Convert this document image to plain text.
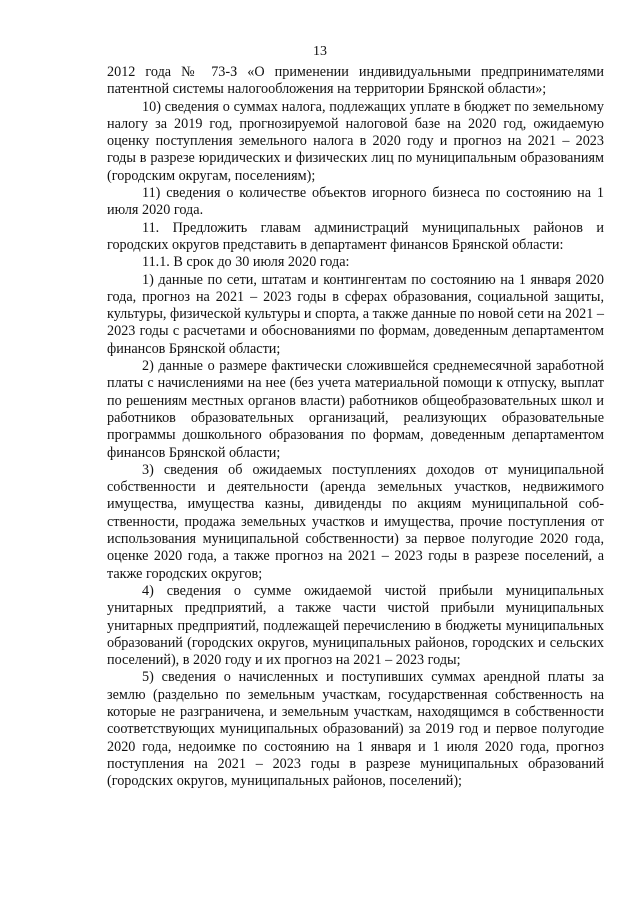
13

2012 года № 73-З «О применении индивидуальными предпринимателями патентной системы налогообложения на территории Брянской области»;

10) сведения о суммах налога, подлежащих уплате в бюджет по земельному налогу за 2019 год, прогнозируемой налоговой базе на 2020 год, ожидаемую оценку поступления земельного налога в 2020 году и прогноз на 2021 – 2023 годы в разрезе юридических и физических лиц по муниципальным образованиям (городским округам, поселениям);

11) сведения о количестве объектов игорного бизнеса по состоянию на 1 июля 2020 года.

11. Предложить главам администраций муниципальных районов и городских округов представить в департамент финансов Брянской области:

11.1. В срок до 30 июля 2020 года:

1) данные по сети, штатам и контингентам по состоянию на 1 января 2020 года, прогноз на 2021 – 2023 годы в сферах образования, социальной защиты, культуры, физической культуры и спорта, а также данные по новой сети на 2021 – 2023 годы с расчетами и обоснованиями по формам, доведенным департаментом финансов Брянской области;

2) данные о размере фактически сложившейся среднемесячной заработной платы с начислениями на нее (без учета материальной помощи к отпуску, выплат по решениям местных органов власти) работников общеобразовательных школ и работников образовательных организаций, реализующих образовательные программы дошкольного образования по формам, доведенным департаментом финансов Брянской области;

3) сведения об ожидаемых поступлениях доходов от муниципальной собственности и деятельности (аренда земельных участков, недвижимого имущества, имущества казны, дивиденды по акциям муниципальной собственности, продажа земельных участков и имущества, прочие поступления от использования муниципальной собственности) за первое полугодие 2020 года, оценке 2020 года, а также прогноз на 2021 – 2023 годы в разрезе поселений, а также городских округов;

4) сведения о сумме ожидаемой чистой прибыли муниципальных унитарных предприятий, а также части чистой прибыли муниципальных унитарных предприятий, подлежащей перечислению в бюджеты муниципальных образований (городских округов, муниципальных районов, городских и сельских поселений), в 2020 году и их прогноз на 2021 – 2023 годы;

5) сведения о начисленных и поступивших суммах арендной платы за землю (раздельно по земельным участкам, государственная собственность на которые не разграничена, и земельным участкам, находящимся в собственности соответствующих муниципальных образований) за 2019 год и первое полугодие 2020 года, недоимке по состоянию на 1 января и 1 июля 2020 года, прогноз поступления на 2021 – 2023 годы в разрезе муниципальных образований (городских округов, муниципальных районов, поселений);
